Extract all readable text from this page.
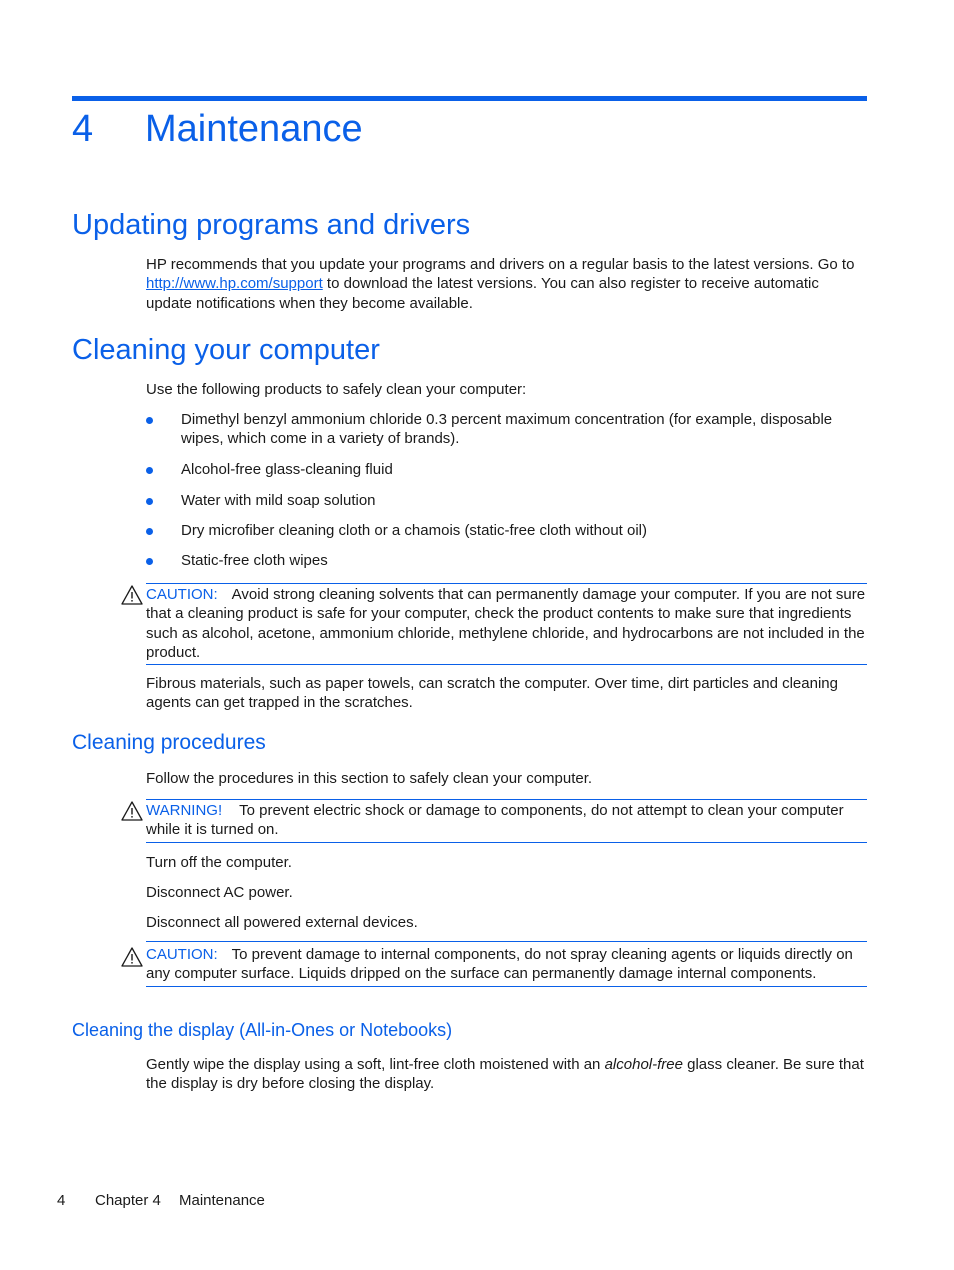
4 Maintenance
Updating programs and drivers
HP recommends that you update your programs and drivers on a regular basis to the latest versions. Go to http://www.hp.com/support to download the latest versions. You can also register to receive automatic update notifications when they become available.
Cleaning your computer
Use the following products to safely clean your computer:
Dimethyl benzyl ammonium chloride 0.3 percent maximum concentration (for example, disposable wipes, which come in a variety of brands).
Alcohol-free glass-cleaning fluid
Water with mild soap solution
Dry microfiber cleaning cloth or a chamois (static-free cloth without oil)
Static-free cloth wipes
CAUTION: Avoid strong cleaning solvents that can permanently damage your computer. If you are not sure that a cleaning product is safe for your computer, check the product contents to make sure that ingredients such as alcohol, acetone, ammonium chloride, methylene chloride, and hydrocarbons are not included in the product.
Fibrous materials, such as paper towels, can scratch the computer. Over time, dirt particles and cleaning agents can get trapped in the scratches.
Cleaning procedures
Follow the procedures in this section to safely clean your computer.
WARNING! To prevent electric shock or damage to components, do not attempt to clean your computer while it is turned on.
Turn off the computer.
Disconnect AC power.
Disconnect all powered external devices.
CAUTION: To prevent damage to internal components, do not spray cleaning agents or liquids directly on any computer surface. Liquids dripped on the surface can permanently damage internal components.
Cleaning the display (All-in-Ones or Notebooks)
Gently wipe the display using a soft, lint-free cloth moistened with an alcohol-free glass cleaner. Be sure that the display is dry before closing the display.
4 Chapter 4 Maintenance
